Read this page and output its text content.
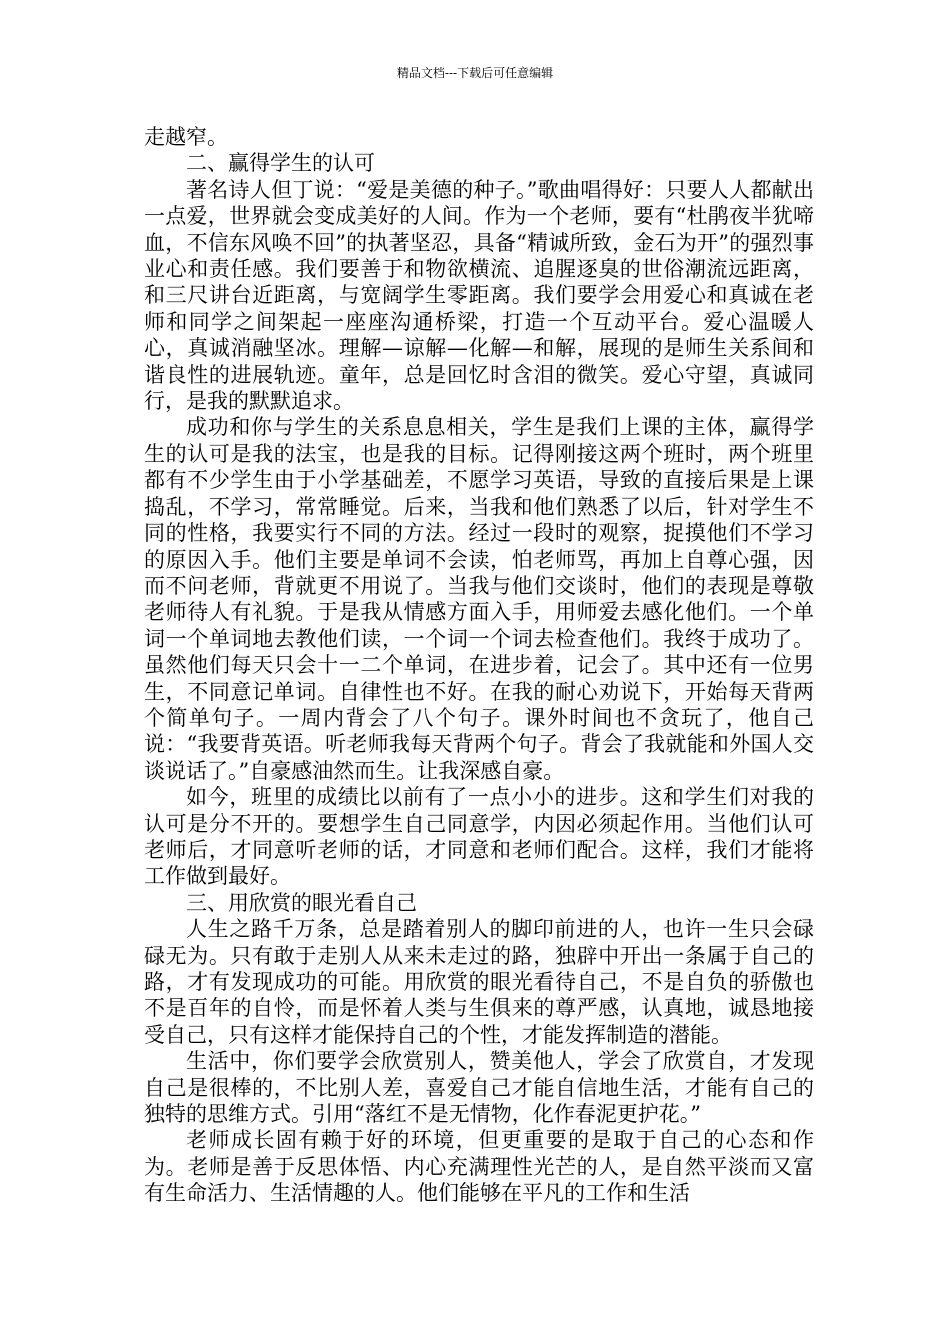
精品文档---下载后可任意编辑

走越窄。

二、赢得学生的认可

著名诗人但丁说：“爱是美德的种子。”歌曲唱得好：只要人人都献出一点爱，世界就会变成美好的人间。作为一个老师，要有“杜鹃夜半犹啼血，不信东风唤不回”的执著坚忍，具备“精诚所致，金石为开”的强烈事业心和责任感。我们要善于和物欲横流、追腥逐臭的世俗潮流远距离，和三尺讲台近距离，与宽阔学生零距离。我们要学会用爱心和真诚在老师和同学之间架起一座座沟通桥梁，打造一个互动平台。爱心温暖人心，真诚消融坚冰。理解—谅解—化解—和解，展现的是师生关系间和谐良性的进展轨迹。童年，总是回忆时含泪的微笑。爱心守望，真诚同行，是我的默默追求。

成功和你与学生的关系息息相关，学生是我们上课的主体，赢得学生的认可是我的法宝，也是我的目标。记得刚接这两个班时，两个班里都有不少学生由于小学基础差，不愿学习英语，导致的直接后果是上课捣乱，不学习，常常睡觉。后来，当我和他们熟悉了以后，针对学生不同的性格，我要实行不同的方法。经过一段时的观察，捉摸他们不学习的原因入手。他们主要是单词不会读，怕老师骂，再加上自尊心强，因而不问老师，背就更不用说了。当我与他们交谈时，他们的表现是尊敬老师待人有礼貌。于是我从情感方面入手，用师爱去感化他们。一个单词一个单词地去教他们读，一个词一个词去检查他们。我终于成功了。虽然他们每天只会十一二个单词，在进步着，记会了。其中还有一位男生，不同意记单词。自律性也不好。在我的耐心劝说下，开始每天背两个简单句子。一周内背会了八个句子。课外时间也不贪玩了，他自己说：“我要背英语。听老师我每天背两个句子。背会了我就能和外国人交谈说话了。”自豪感油然而生。让我深感自豪。

如今，班里的成绩比以前有了一点小小的进步。这和学生们对我的认可是分不开的。要想学生自己同意学，内因必须起作用。当他们认可老师后，才同意听老师的话，才同意和老师们配合。这样，我们才能将工作做到最好。

三、用欣赏的眼光看自己

人生之路千万条，总是踏着别人的脚印前进的人，也许一生只会碌碌无为。只有敢于走别人从来未走过的路，独辟中开出一条属于自己的路，才有发现成功的可能。用欣赏的眼光看待自己，不是自负的骄傲也不是百年的自怜，而是怀着人类与生俱来的尊严感，认真地，诚恳地接受自己，只有这样才能保持自己的个性，才能发挥制造的潜能。

生活中，你们要学会欣赏别人，赞美他人，学会了欣赏自，才发现自己是很棒的，不比别人差，喜爱自己才能自信地生活，才能有自己的独特的思维方式。引用“落红不是无情物，化作春泥更护花。”

老师成长固有赖于好的环境，但更重要的是取于自己的心态和作为。老师是善于反思体悟、内心充满理性光芒的人，是自然平淡而又富有生命活力、生活情趣的人。他们能够在平凡的工作和生活
